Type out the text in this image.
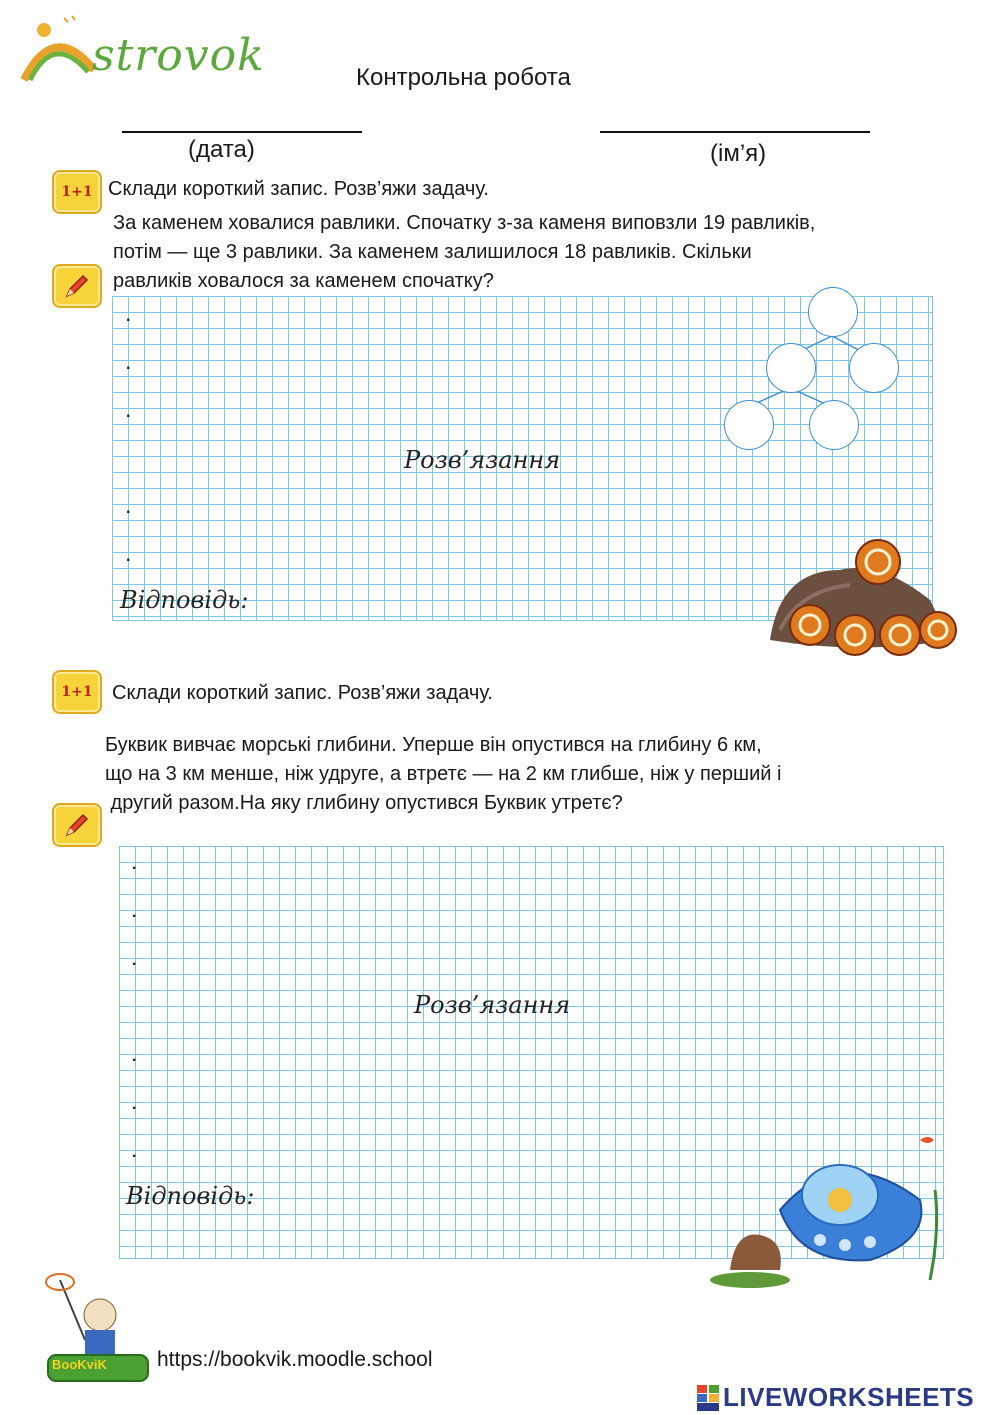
strovok	Контрольна робота
(дата)	(ім’я)
1+1 Склади короткий запис. Розв’яжи задачу.
За каменем ховалися равлики. Спочатку з-за каменя виповзли 19 равликів,
потім — ще 3 равлики. За каменем залишилося 18 равликів. Скільки
равликів ховалося за каменем спочатку?
.
.
.
.
.
Розв’язання
Відповідь:
1+1 Склади короткий запис. Розв’яжи задачу.
Буквик вивчає морські глибини. Уперше він опустився на глибину 6 км,
що на 3 км менше, ніж удруге, а втретє — на 2 км глибше, ніж у перший і
другий разом.На яку глибину опустився Буквик утретє?
.
.
.
.
.
.
Розв’язання
Відповідь:
BooKviK https://bookvik.moodle.school
LIVEWORKSHEETS
